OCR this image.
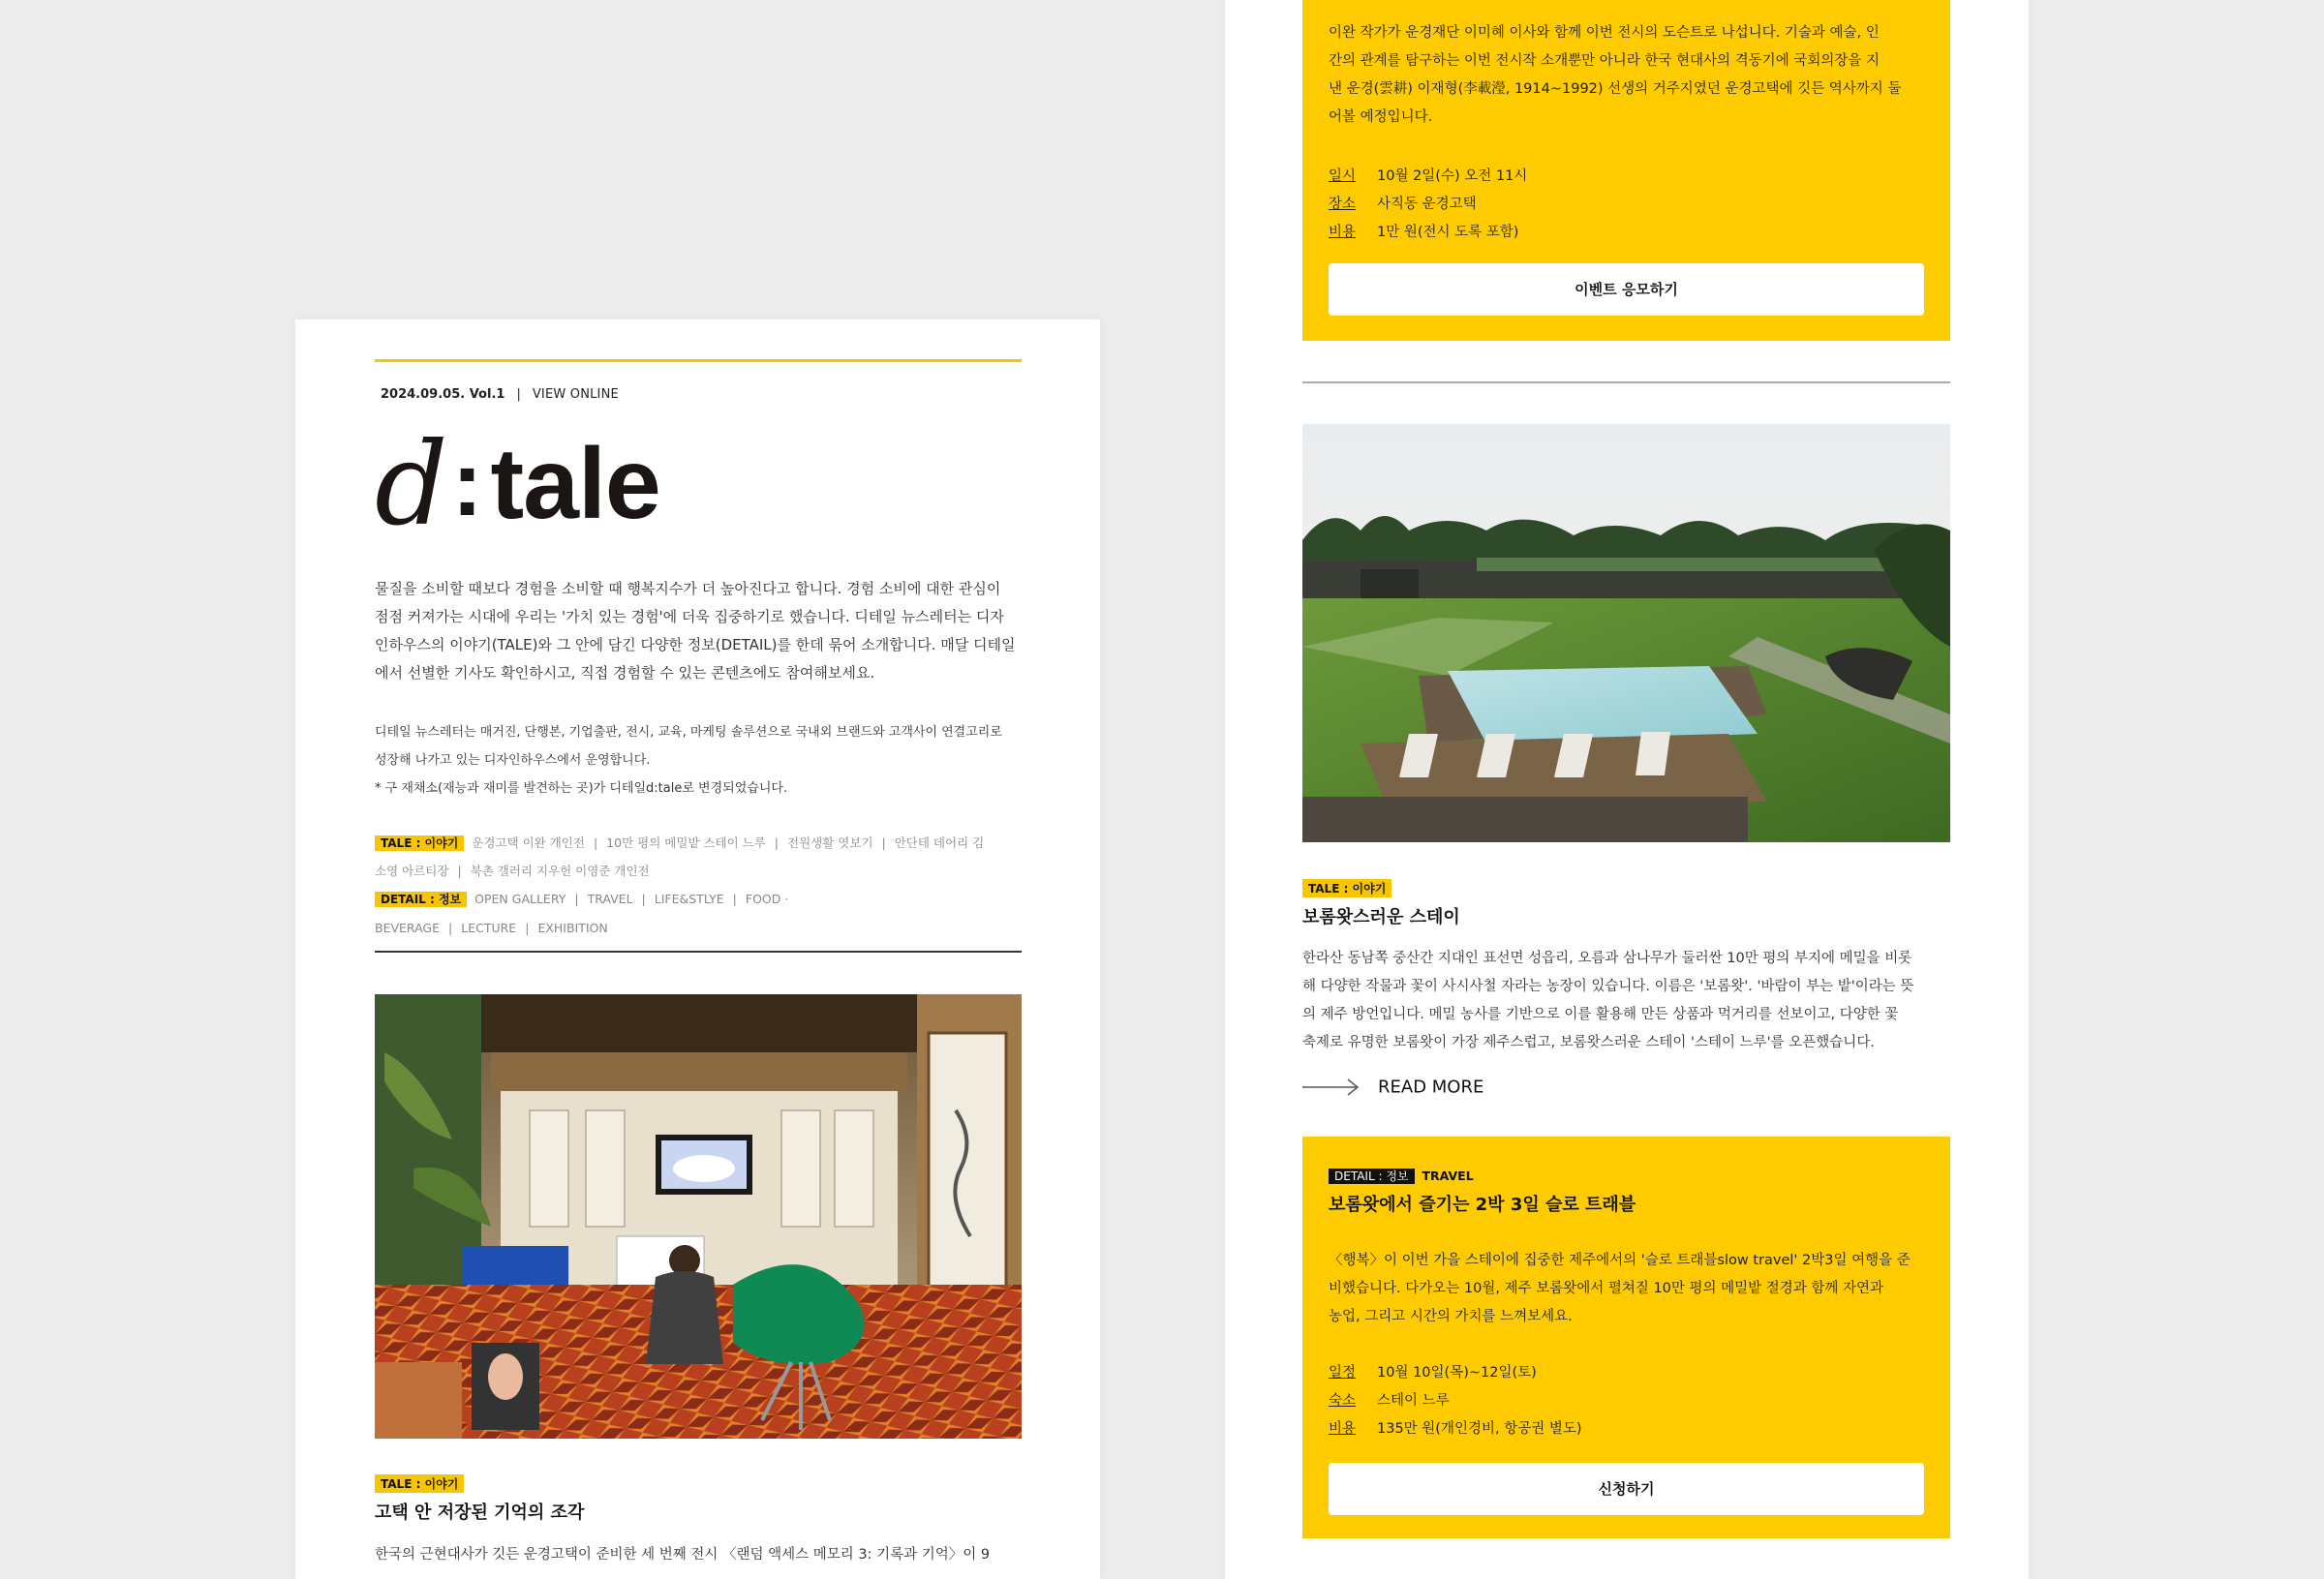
2024.09.05. Vol.1 | VIEW ONLINE
d:tale
물질을 소비할 때보다 경험을 소비할 때 행복지수가 더 높아진다고 합니다. 경험 소비에 대한 관심이
점점 커져가는 시대에 우리는 '가치 있는 경험'에 더욱 집중하기로 했습니다. 디테일 뉴스레터는 디자
인하우스의 이야기(TALE)와 그 안에 담긴 다양한 정보(DETAIL)를 한데 묶어 소개합니다. 매달 디테일
에서 선별한 기사도 확인하시고, 직접 경험할 수 있는 콘텐츠에도 참여해보세요.
디테일 뉴스레터는 매거진, 단행본, 기업출판, 전시, 교육, 마케팅 솔루션으로 국내외 브랜드와 고객사이 연결고리로
성장해 나가고 있는 디자인하우스에서 운영합니다.
* 구 재채소(재능과 재미를 발견하는 곳)가 디테일d:tale로 변경되었습니다.
TALE : 이야기 운경고택 이완 개인전 | 10만 평의 메밀밭 스테이 느루 | 전원생활 엿보기 | 안단테 데어리 김
소영 아르티장 | 북촌 갤러리 지우헌 이영준 개인전
DETAIL : 정보 OPEN GALLERY | TRAVEL | LIFE&STLYE | FOOD · BEVERAGE | LECTURE | EXHIBITION
TALE : 이야기
고택 안 저장된 기억의 조각
한국의 근현대사가 깃든 운경고택이 준비한 세 번째 전시 〈랜덤 액세스 메모리 3: 기록과 기억〉이 9
이완 작가가 운경재단 이미혜 이사와 함께 이번 전시의 도슨트로 나섭니다. 기술과 예술, 인
간의 관계를 탐구하는 이번 전시작 소개뿐만 아니라 한국 현대사의 격동기에 국회의장을 지
낸 운경(雲耕) 이재형(李載瀅, 1914~1992) 선생의 거주지였던 운경고택에 깃든 역사까지 둘
어볼 예정입니다.
일시 10월 2일(수) 오전 11시
장소 사직동 운경고택
비용 1만 원(전시 도록 포함)
이벤트 응모하기
TALE : 이야기
보롬왓스러운 스테이
한라산 동남쪽 중산간 지대인 표선면 성읍리, 오름과 삼나무가 둘러싼 10만 평의 부지에 메밀을 비롯
해 다양한 작물과 꽃이 사시사철 자라는 농장이 있습니다. 이름은 '보롬왓'. '바람이 부는 밭'이라는 뜻
의 제주 방언입니다. 메밀 농사를 기반으로 이를 활용해 만든 상품과 먹거리를 선보이고, 다양한 꽃
축제로 유명한 보롬왓이 가장 제주스럽고, 보롬왓스러운 스테이 '스테이 느루'를 오픈했습니다.
READ MORE
DETAIL : 정보 TRAVEL
보롬왓에서 즐기는 2박 3일 슬로 트래블
〈행복〉이 이번 가을 스테이에 집중한 제주에서의 '슬로 트래블slow travel' 2박3일 여행을 준
비했습니다. 다가오는 10월, 제주 보롬왓에서 펼쳐질 10만 평의 메밀밭 절경과 함께 자연과
농업, 그리고 시간의 가치를 느껴보세요.
일정 10월 10일(목)~12일(토)
숙소 스테이 느루
비용 135만 원(개인경비, 항공권 별도)
신청하기
